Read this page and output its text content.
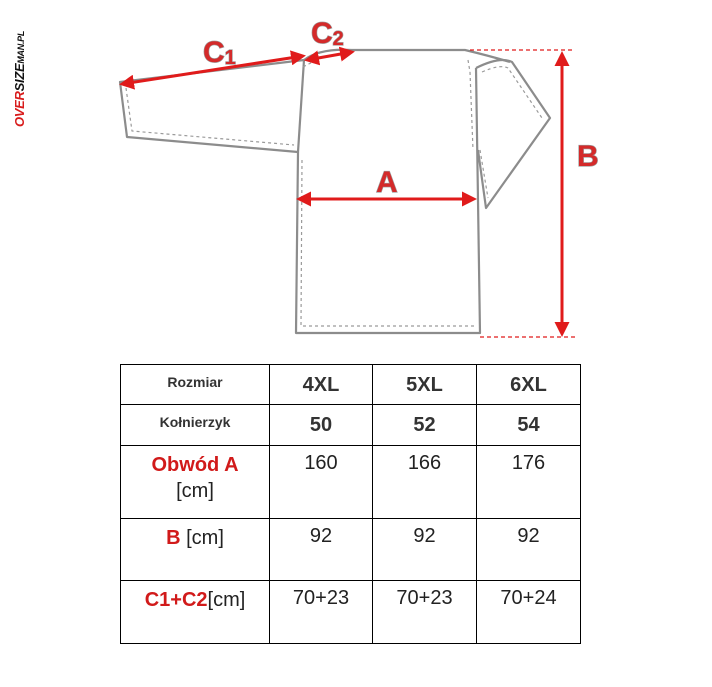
OVERSIZEMAN.PL	C1
C2
A
B
Rozmiar	4XL	5XL	6XL

Kołnierzyk	50	52	54

Obwód A
[cm]	160	166	176

B [cm]	92	92	92

C1+C2[cm]	70+23	70+23	70+24
